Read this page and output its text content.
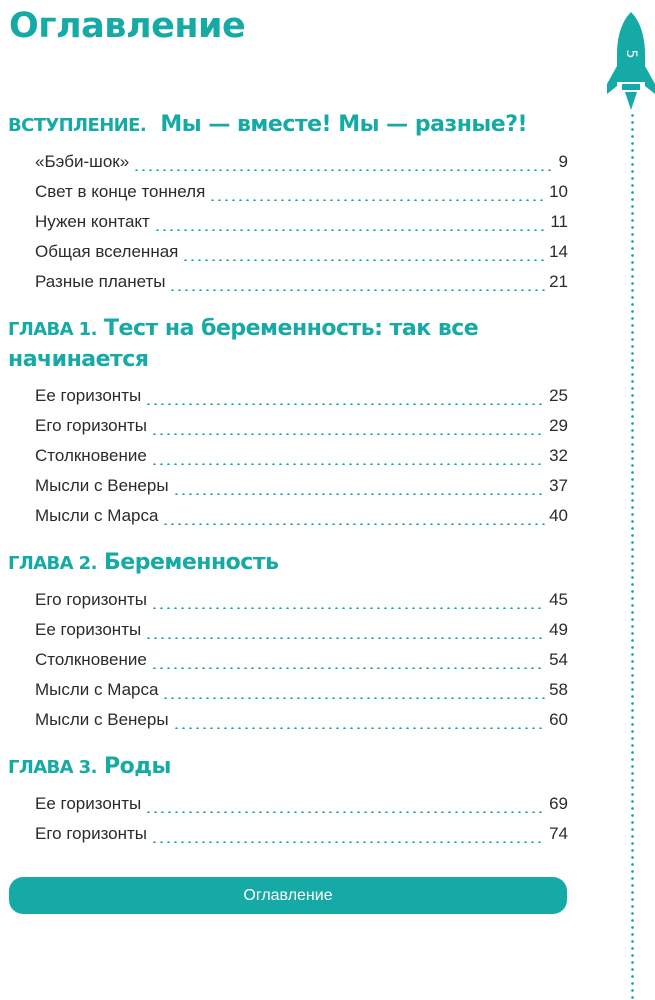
Оглавление
5
ВСТУПЛЕНИЕ. Мы — вместе! Мы — разные?!
«Бэби-шок»	9
Свет в конце тоннеля	10
Нужен контакт	11
Общая вселенная	14
Разные планеты	21
ГЛАВА 1. Тест на беременность: так все начинается
Ее горизонты	25
Его горизонты	29
Столкновение	32
Мысли с Венеры	37
Мысли с Марса	40
ГЛАВА 2. Беременность
Его горизонты	45
Ее горизонты	49
Столкновение	54
Мысли с Марса	58
Мысли с Венеры	60
ГЛАВА 3. Роды
Ее горизонты	69
Его горизонты	74
Оглавление
